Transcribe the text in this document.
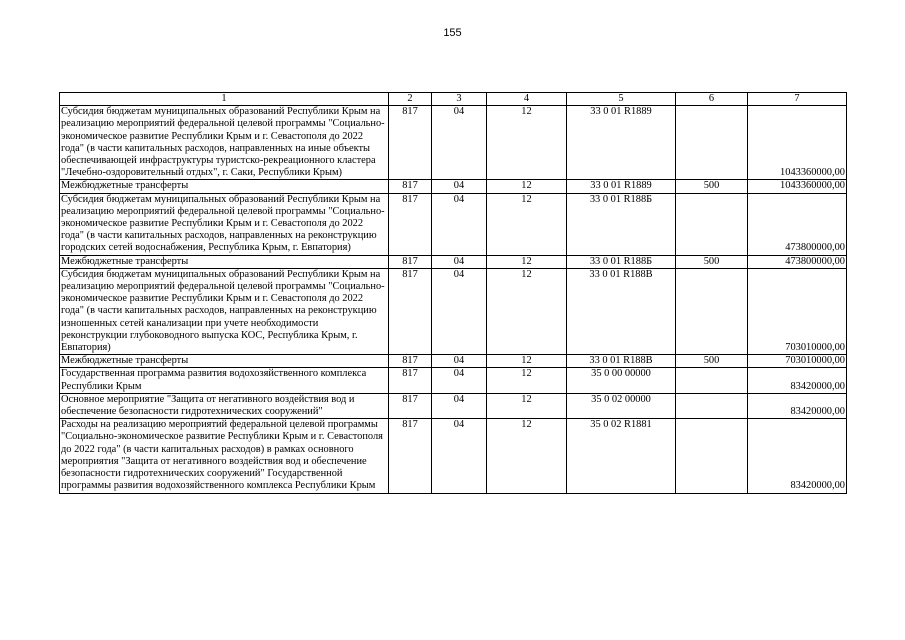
155
1	2	3	4	5	6	7
Субсидия бюджетам муниципальных образований Республики Крым на реализацию мероприятий федеральной целевой программы "Социально-экономическое развитие Республики Крым и г. Севастополя до 2022 года" (в части капитальных расходов, направленных на иные объекты обеспечивающей инфраструктуры туристско-рекреационного кластера "Лечебно-оздоровительный отдых", г. Саки, Республики Крым)	817	04	12	33 0 01 R1889		1043360000,00
Межбюджетные трансферты	817	04	12	33 0 01 R1889	500	1043360000,00
Субсидия бюджетам муниципальных образований Республики Крым на реализацию мероприятий федеральной целевой программы "Социально-экономическое развитие Республики Крым и г. Севастополя до 2022 года" (в части капитальных расходов, направленных на реконструкцию городских сетей водоснабжения, Республика Крым, г. Евпатория)	817	04	12	33 0 01 R188Б		473800000,00
Межбюджетные трансферты	817	04	12	33 0 01 R188Б	500	473800000,00
Субсидия бюджетам муниципальных образований Республики Крым на реализацию мероприятий федеральной целевой программы "Социально-экономическое развитие Республики Крым и г. Севастополя до 2022 года" (в части капитальных расходов, направленных на реконструкцию изношенных сетей канализации при учете необходимости реконструкции глубоководного выпуска КОС, Республика Крым, г. Евпатория)	817	04	12	33 0 01 R188В		703010000,00
Межбюджетные трансферты	817	04	12	33 0 01 R188В	500	703010000,00
Государственная программа развития водохозяйственного комплекса Республики Крым	817	04	12	35 0 00 00000		83420000,00
Основное мероприятие "Защита от негативного воздействия вод и обеспечение безопасности гидротехнических сооружений"	817	04	12	35 0 02 00000		83420000,00
Расходы на реализацию мероприятий федеральной целевой программы "Социально-экономическое развитие Республики Крым и г. Севастополя до 2022 года" (в части капитальных расходов) в рамках основного мероприятия "Защита от негативного воздействия вод и обеспечение безопасности гидротехнических сооружений" Государственной программы развития водохозяйственного комплекса Республики Крым	817	04	12	35 0 02 R1881		83420000,00
